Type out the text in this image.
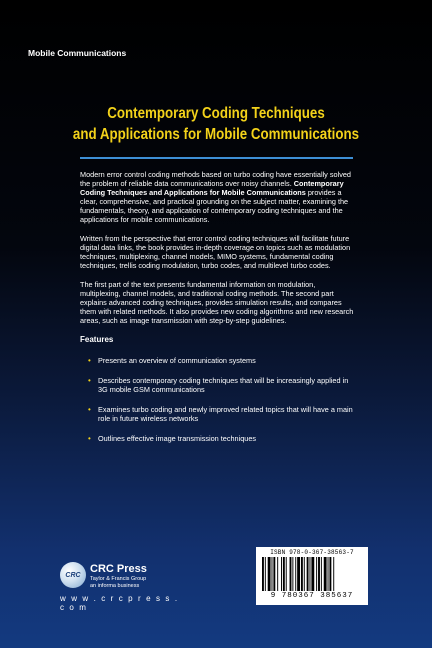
Mobile Communications
Contemporary Coding Techniques
and Applications for Mobile Communications

Modern error control coding methods based on turbo coding have essentially solved the problem of reliable data communications over noisy channels. Contemporary Coding Techniques and Applications for Mobile Communications provides a clear, comprehensive, and practical grounding on the subject matter, examining the fundamentals, theory, and application of contemporary coding techniques and the applications for mobile communications.

Written from the perspective that error control coding techniques will facilitate future digital data links, the book provides in-depth coverage on topics such as modulation techniques, multiplexing, channel models, MIMO systems, fundamental coding techniques, trellis coding modulation, turbo codes, and multilevel turbo codes.

The first part of the text presents fundamental information on modulation, multiplexing, channel models, and traditional coding methods. The second part explains advanced coding techniques, provides simulation results, and compares them with related methods. It also provides new coding algorithms and new research areas, such as image transmission with step-by-step guidelines.

Features
• Presents an overview of communication systems
• Describes contemporary coding techniques that will be increasingly applied in 3G mobile GSM communications
• Examines turbo coding and newly improved related topics that will have a main role in future wireless networks
• Outlines effective image transmission techniques
CRC CRC Press
Taylor & Francis Group
an informa business
w w w . c r c p r e s s . c o m
ISBN 978-0-367-38563-7
9 780367 385637
